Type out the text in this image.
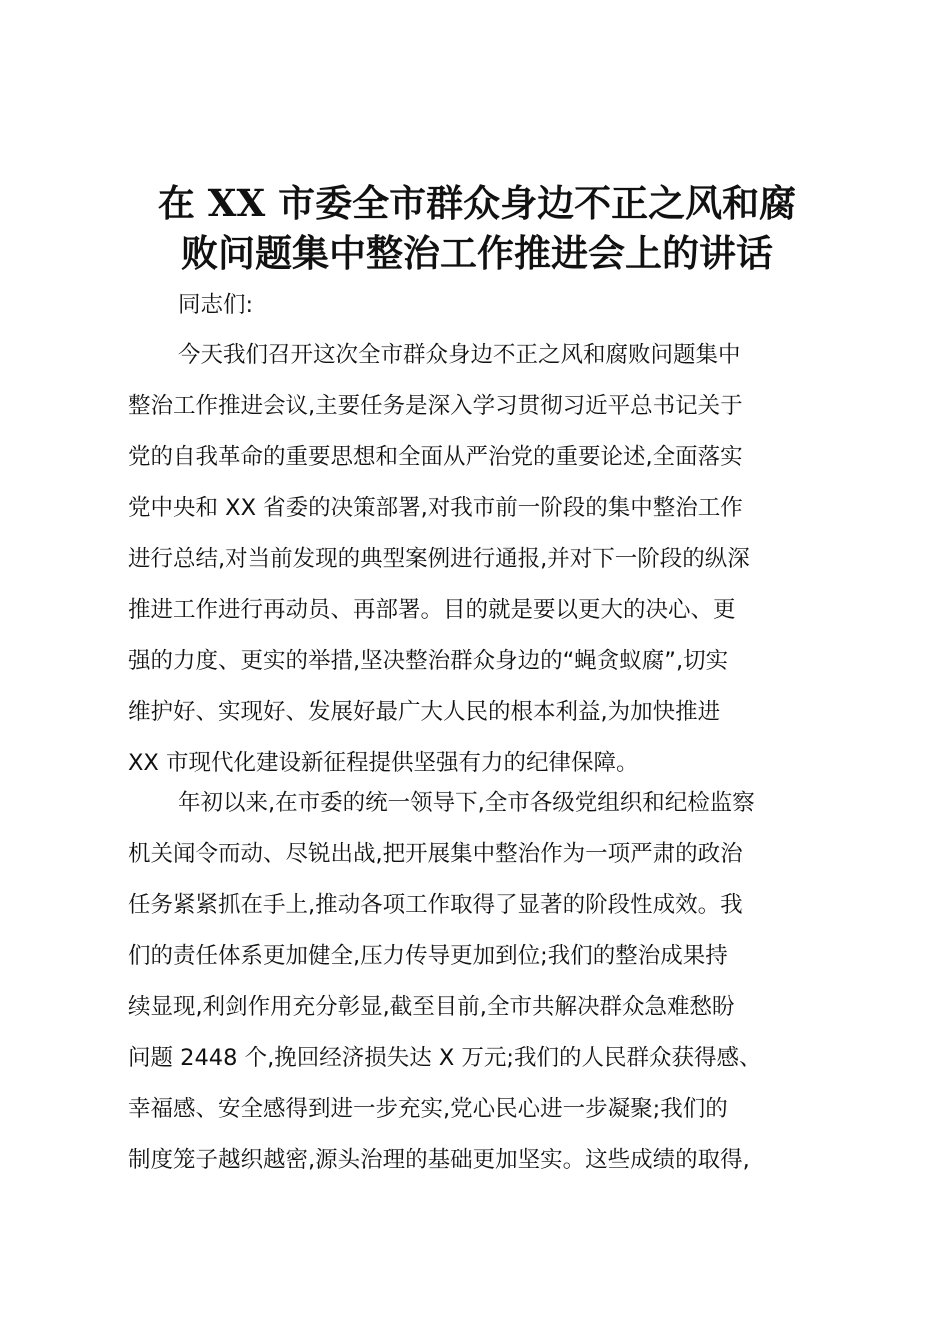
在 XX 市委全市群众身边不正之风和腐
败问题集中整治工作推进会上的讲话

同志们:

今天我们召开这次全市群众身边不正之风和腐败问题集中
整治工作推进会议,主要任务是深入学习贯彻习近平总书记关于
党的自我革命的重要思想和全面从严治党的重要论述,全面落实
党中央和 XX 省委的决策部署,对我市前一阶段的集中整治工作
进行总结,对当前发现的典型案例进行通报,并对下一阶段的纵深
推进工作进行再动员、再部署。目的就是要以更大的决心、更
强的力度、更实的举措,坚决整治群众身边的“蝇贪蚁腐”,切实
维护好、实现好、发展好最广大人民的根本利益,为加快推进
XX 市现代化建设新征程提供坚强有力的纪律保障。
年初以来,在市委的统一领导下,全市各级党组织和纪检监察
机关闻令而动、尽锐出战,把开展集中整治作为一项严肃的政治
任务紧紧抓在手上,推动各项工作取得了显著的阶段性成效。我
们的责任体系更加健全,压力传导更加到位;我们的整治成果持
续显现,利剑作用充分彰显,截至目前,全市共解决群众急难愁盼
问题 2448 个,挽回经济损失达 X 万元;我们的人民群众获得感、
幸福感、安全感得到进一步充实,党心民心进一步凝聚;我们的
制度笼子越织越密,源头治理的基础更加坚实。这些成绩的取得,
